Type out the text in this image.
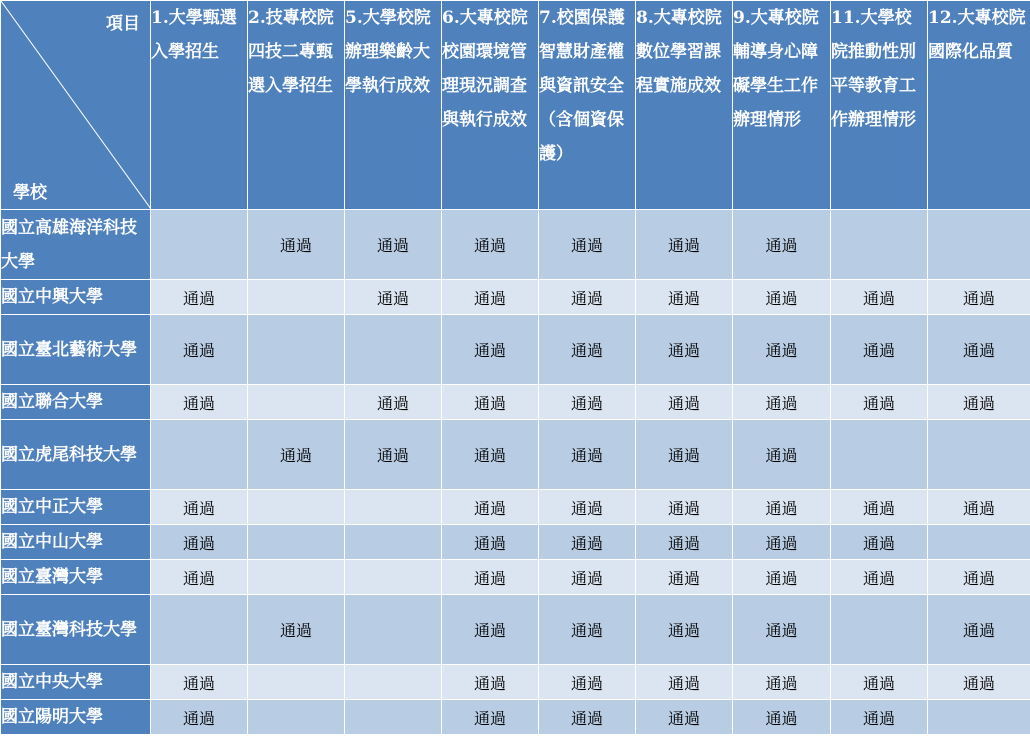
項目
學校	1.大學甄選入學招生	2.技專校院四技二專甄選入學招生	5.大學校院辦理樂齡大學執行成效	6.大專校院校園環境管理現況調查與執行成效	7.校園保護智慧財產權與資訊安全（含個資保護）	8.大專校院數位學習課程實施成效	9.大專校院輔導身心障礙學生工作辦理情形	11.大學校院推動性別平等教育工作辦理情形	12.大專校院國際化品質
國立高雄海洋科技大學		通過	通過	通過	通過	通過	通過		
國立中興大學	通過		通過	通過	通過	通過	通過	通過	通過
國立臺北藝術大學	通過			通過	通過	通過	通過	通過	通過
國立聯合大學	通過		通過	通過	通過	通過	通過	通過	通過
國立虎尾科技大學		通過	通過	通過	通過	通過	通過		
國立中正大學	通過			通過	通過	通過	通過	通過	通過
國立中山大學	通過			通過	通過	通過	通過	通過	
國立臺灣大學	通過			通過	通過	通過	通過	通過	通過
國立臺灣科技大學		通過		通過	通過	通過	通過		通過
國立中央大學	通過			通過	通過	通過	通過	通過	通過
國立陽明大學	通過			通過	通過	通過	通過	通過	
